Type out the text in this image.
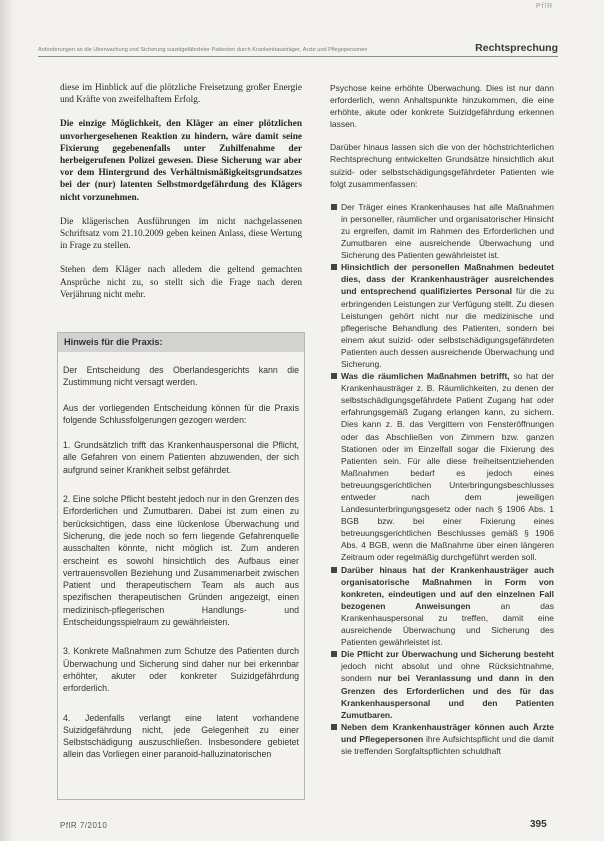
PflR
Anforderungen an die Überwachung und Sicherung suizidgefährdeter Patienten durch Krankenhausträger, Ärzte und Pflegepersonen	Rechtsprechung

diese im Hinblick auf die plötzliche Freisetzung großer Energie und Kräfte von zweifelhaftem Erfolg.

Die einzige Möglichkeit, den Kläger an einer plötzlichen unvorhergesehenen Reaktion zu hindern, wäre damit seine Fixierung gegebenenfalls unter Zuhilfenahme der herbeigerufenen Polizei gewesen. Diese Sicherung war aber vor dem Hintergrund des Verhältnismäßigkeitsgrundsatzes bei der (nur) latenten Selbstmordgefährdung des Klägers nicht vorzunehmen.

Die klägerischen Ausführungen im nicht nachgelassenen Schriftsatz vom 21.10.2009 geben keinen Anlass, diese Wertung in Frage zu stellen.

Stehen dem Kläger nach alledem die geltend gemachten Ansprüche nicht zu, so stellt sich die Frage nach deren Verjährung nicht mehr.

Hinweis für die Praxis:

Der Entscheidung des Oberlandesgerichts kann die Zustimmung nicht versagt werden.

Aus der vorliegenden Entscheidung können für die Praxis folgende Schlussfolgerungen gezogen werden:

1. Grundsätzlich trifft das Krankenhauspersonal die Pflicht, alle Gefahren von einem Patienten abzuwenden, der sich aufgrund seiner Krankheit selbst gefährdet.

2. Eine solche Pflicht besteht jedoch nur in den Grenzen des Erforderlichen und Zumutbaren. Dabei ist zum einen zu berücksichtigen, dass eine lückenlose Überwachung und Sicherung, die jede noch so fern liegende Gefahrenquelle ausschalten könnte, nicht möglich ist. Zum anderen erscheint es sowohl hinsichtlich des Aufbaus einer vertrauensvollen Beziehung und Zusammenarbeit zwischen Patient und therapeutischem Team als auch aus spezifischen therapeutischen Gründen angezeigt, einen medizinisch-pflegerischen Handlungs- und Entscheidungsspielraum zu gewährleisten.

3. Konkrete Maßnahmen zum Schutze des Patienten durch Überwachung und Sicherung sind daher nur bei erkennbar erhöhter, akuter oder konkreter Suizidgefährdung erforderlich.

4. Jedenfalls verlangt eine latent vorhandene Suizidgefährdung nicht, jede Gelegenheit zu einer Selbstschädigung auszuschließen. Insbesondere gebietet allein das Vorliegen einer paranoid-halluzinatorischen

Psychose keine erhöhte Überwachung. Dies ist nur dann erforderlich, wenn Anhaltspunkte hinzukommen, die eine erhöhte, akute oder konkrete Suizidgefährdung erkennen lassen.

Darüber hinaus lassen sich die von der höchstrichterlichen Rechtsprechung entwickelten Grundsätze hinsichtlich akut suizid- oder selbstschädigungsgefährdeter Patienten wie folgt zusammenfassen:

Der Träger eines Krankenhauses hat alle Maßnahmen in personeller, räumlicher und organisatorischer Hinsicht zu ergreifen, damit im Rahmen des Erforderlichen und Zumutbaren eine ausreichende Überwachung und Sicherung des Patienten gewährleistet ist.
Hinsichtlich der personellen Maßnahmen bedeutet dies, dass der Krankenhausträger ausreichendes und entsprechend qualifiziertes Personal für die zu erbringenden Leistungen zur Verfügung stellt. Zu diesen Leistungen gehört nicht nur die medizinische und pflegerische Behandlung des Patienten, sondern bei einem akut suizid- oder selbstschädigungsgefährdeten Patienten auch dessen ausreichende Überwachung und Sicherung.
Was die räumlichen Maßnahmen betrifft, so hat der Krankenhausträger z. B. Räumlichkeiten, zu denen der selbstschädigungsgefährdete Patient Zugang hat oder erfahrungsgemäß Zugang erlangen kann, zu sichern. Dies kann z. B. das Vergittern von Fensteröffnungen oder das Abschließen von Zimmern bzw. ganzen Stationen oder im Einzelfall sogar die Fixierung des Patienten sein. Für alle diese freiheitsentziehenden Maßnahmen bedarf es jedoch eines betreuungsgerichtlichen Unterbringungsbeschlusses entweder nach dem jeweiligen Landesunterbringungsgesetz oder nach § 1906 Abs. 1 BGB bzw. bei einer Fixierung eines betreuungsgerichtlichen Beschlusses gemäß § 1906 Abs. 4 BGB, wenn die Maßnahme über einen längeren Zeitraum oder regelmäßig durchgeführt werden soll.
Darüber hinaus hat der Krankenhausträger auch organisatorische Maßnahmen in Form von konkreten, eindeutigen und auf den einzelnen Fall bezogenen Anweisungen an das Krankenhauspersonal zu treffen, damit eine ausreichende Überwachung und Sicherung des Patienten gewährleistet ist.
Die Pflicht zur Überwachung und Sicherung besteht jedoch nicht absolut und ohne Rücksichtnahme, sondern nur bei Veranlassung und dann in den Grenzen des Erforderlichen und des für das Krankenhauspersonal und den Patienten Zumutbaren.
Neben dem Krankenhausträger können auch Ärzte und Pflegepersonen ihre Aufsichtspflicht und die damit sie treffenden Sorgfaltspflichten schuldhaft
PflR 7/2010	395
